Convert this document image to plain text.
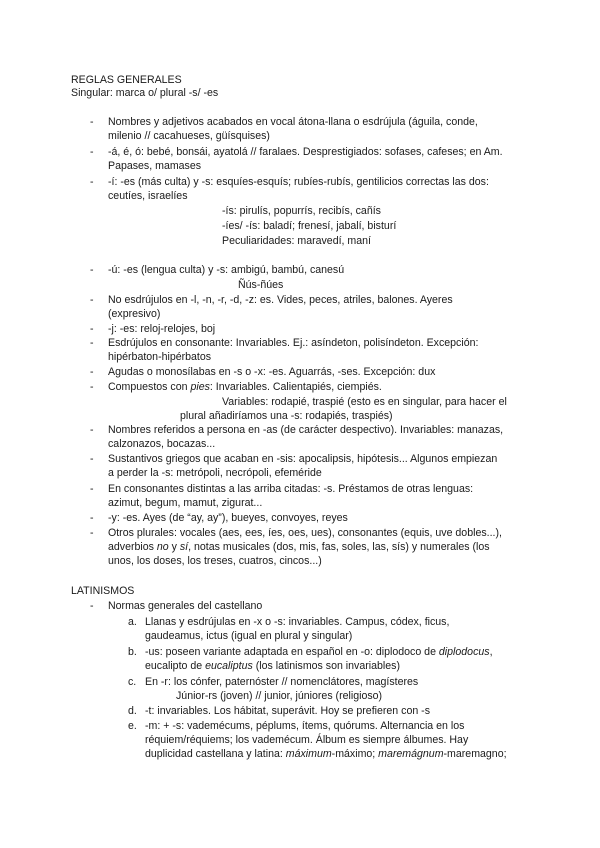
REGLAS GENERALES
Singular: marca o/ plural -s/ -es
- Nombres y adjetivos acabados en vocal átona-llana o esdrújula (águila, conde,
milenio // cacahueses, güísquises)
- -á, é, ó: bebé, bonsái, ayatolá // faralaes. Desprestigiados: sofases, cafeses; en Am.
Papases, mamases
- -í: -es (más culta) y -s: esquíes-esquís; rubíes-rubís, gentilicios correctas las dos:
ceutíes, israelíes
-ís: pirulís, popurrís, recibís, cañís
-íes/ -ís: baladí; frenesí, jabalí, bisturí
Peculiaridades: maravedí, maní
- -ú: -es (lengua culta) y -s: ambigú, bambú, canesú
Ñús-ñúes
- No esdrújulos en -l, -n, -r, -d, -z: es. Vides, peces, atriles, balones. Ayeres
(expresivo)
- -j: -es: reloj-relojes, boj
- Esdrújulos en consonante: Invariables. Ej.: asíndeton, polisíndeton. Excepción:
hipérbaton-hipérbatos
- Agudas o monosílabas en -s o -x: -es. Aguarrás, -ses. Excepción: dux
- Compuestos con pies: Invariables. Calientapiés, ciempiés.
Variables: rodapié, traspié (esto es en singular, para hacer el
plural añadiríamos una -s: rodapiés, traspiés)
- Nombres referidos a persona en -as (de carácter despectivo). Invariables: manazas,
calzonazos, bocazas...
- Sustantivos griegos que acaban en -sis: apocalipsis, hipótesis... Algunos empiezan
a perder la -s: metrópoli, necrópoli, efeméride
- En consonantes distintas a las arriba citadas: -s. Préstamos de otras lenguas:
azimut, begum, mamut, zigurat...
- -y: -es. Ayes (de “ay, ay”), bueyes, convoyes, reyes
- Otros plurales: vocales (aes, ees, íes, oes, ues), consonantes (equis, uve dobles...),
adverbios no y sí, notas musicales (dos, mis, fas, soles, las, sís) y numerales (los
unos, los doses, los treses, cuatros, cincos...)
LATINISMOS
- Normas generales del castellano
a. Llanas y esdrújulas en -x o -s: invariables. Campus, códex, ficus,
gaudeamus, ictus (igual en plural y singular)
b. -us: poseen variante adaptada en español en -o: diplodoco de diplodocus,
eucalipto de eucaliptus (los latinismos son invariables)
c. En -r: los cónfer, paternóster // nomenclátores, magísteres
Júnior-rs (joven) // junior, júniores (religioso)
d. -t: invariables. Los hábitat, superávit. Hoy se prefieren con -s
e. -m: + -s: vademécums, péplums, ítems, quórums. Alternancia en los
réquiem/réquiems; los vademécum. Álbum es siempre álbumes. Hay
duplicidad castellana y latina: máximum-máximo; maremágnum-maremagno;
